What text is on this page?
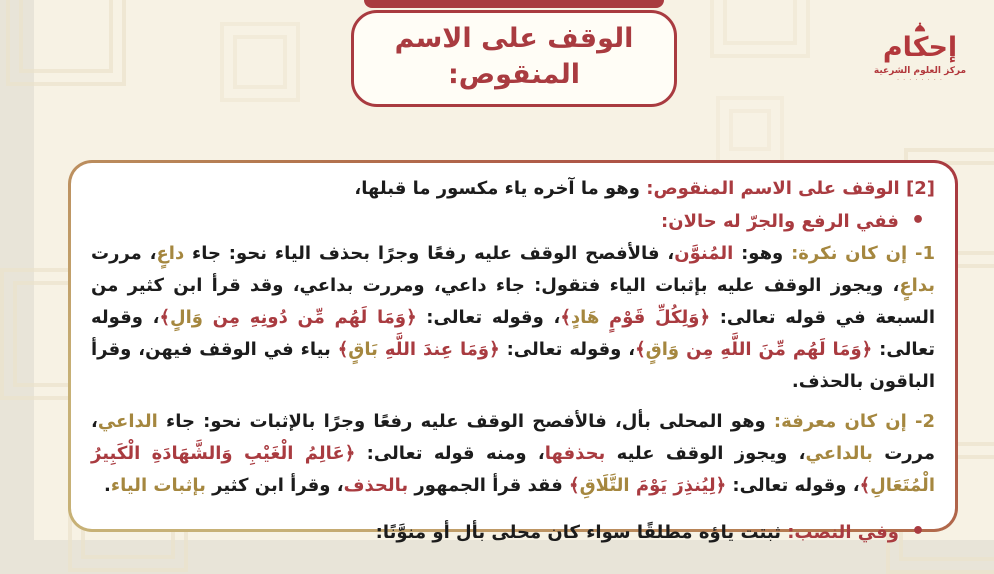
الوقف على الاسم
المنقوص:
إحكام
مركز العلوم الشرعية
· · · · · · · ·
[2] الوقف على الاسم المنقوص: وهو ما آخره ياء مكسور ما قبلها،
•
ففي الرفع والجرّ له حالان:
1- إن كان نكرة: وهو: المُنوَّن، فالأفصح الوقف عليه رفعًا وجرًا بحذف الياء نحو: جاء داعٍ، مررت بداعٍ، ويجوز الوقف عليه بإثبات الياء فتقول: جاء داعي، ومررت بداعي، وقد قرأ ابن كثير من السبعة في قوله تعالى: ﴿وَلِكُلِّ قَوْمٍ هَادٍ﴾، وقوله تعالى: ﴿وَمَا لَهُم مِّن دُونِهِ مِن وَالٍ﴾، وقوله تعالى: ﴿وَمَا لَهُم مِّنَ اللَّهِ مِن وَاقٍ﴾، وقوله تعالى: ﴿وَمَا عِندَ اللَّهِ بَاقٍ﴾ بياء في الوقف فيهن، وقرأ الباقون بالحذف.
2- إن كان معرفة: وهو المحلى بأل، فالأفصح الوقف عليه رفعًا وجرًا بالإثبات نحو: جاء الداعي، مررت بالداعي، ويجوز الوقف عليه بحذفها، ومنه قوله تعالى: ﴿عَالِمُ الْغَيْبِ وَالشَّهَادَةِ الْكَبِيرُ الْمُتَعَالِ﴾، وقوله تعالى: ﴿لِيُنذِرَ يَوْمَ التَّلَاقِ﴾ فقد قرأ الجمهور بالحذف، وقرأ ابن كثير بإثبات الياء.
•
وفي النصب: ثبتت ياؤه مطلقًا سواء كان محلى بأل أو منوَّنًا:
